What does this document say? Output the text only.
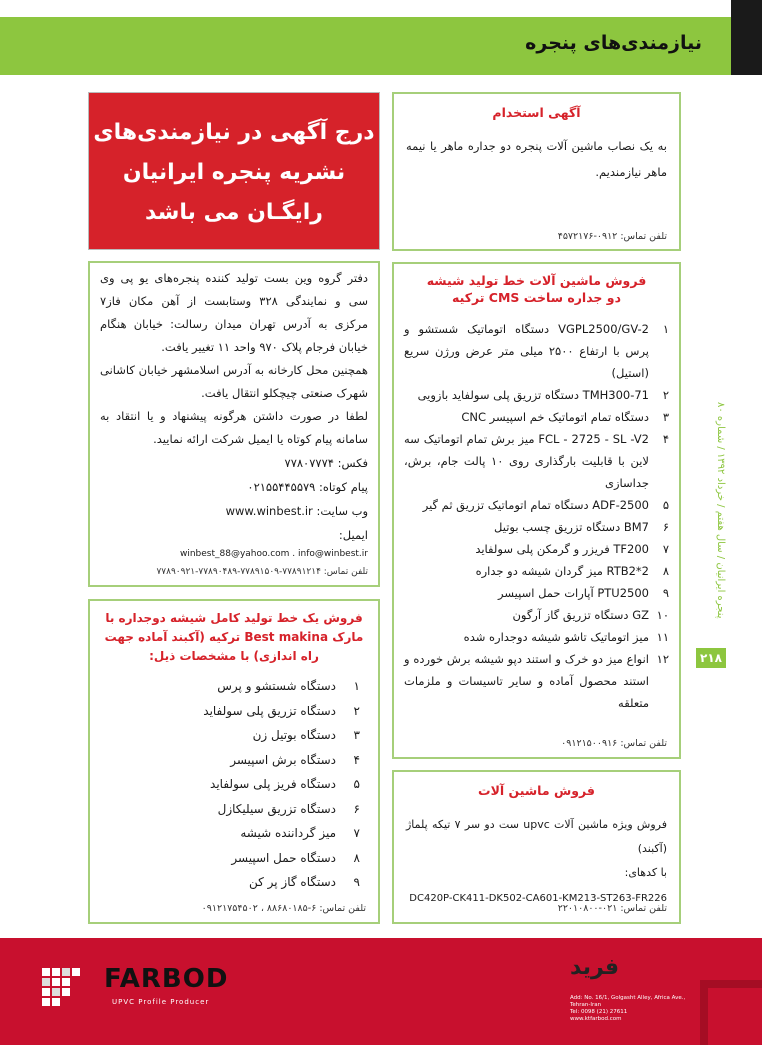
نیازمندی‌های پنجره
پنجره ایرانیان / سال هفتم / خرداد ۱۳۹۲ / شماره ۸۰
۲۱۸
درج آگهی در نیازمندی‌های
نشریه پنجره ایرانیان
رایگـان می باشد
آگهی استخدام
به یک نصاب ماشین آلات پنجره دو جداره ماهر یا نیمه ماهر نیازمندیم.
تلفن تماس: ۰۹۱۲-۴۵۷۲۱۷۶

دفتر گروه وین بست تولید کننده پنجره‌های یو پی وی سی و نمایندگی ۳۲۸ وستابست از آهن مکان فاز۷ مرکزی به آدرس تهران میدان رسالت: خیابان هنگام خیابان فرجام پلاک ۹۷۰ واحد ۱۱ تغییر یافت.

همچنین محل کارخانه به آدرس اسلامشهر خیابان کاشانی شهرک صنعتی چیچکلو انتقال یافت.

لطفا در صورت داشتن هرگونه پیشنهاد و یا انتقاد به سامانه پیام کوتاه یا ایمیل شرکت ارائه نمایید.

فکس: ۷۷۸۰۷۷۷۴
پیام کوتاه: ۰۲۱۵۵۴۴۵۵۷۹
وب سایت: www.winbest.ir
ایمیل:
winbest_88@yahoo.com . info@winbest.ir
تلفن تماس: ۷۷۸۹۱۲۱۴-۷۷۸۹۱۵۰۹-۷۷۸۹۰۴۸۹-۷۷۸۹۰۹۲۱
فروش ماشین آلات خط تولید شیشه
دو جداره ساخت CMS ترکیه
۱
VGPL2500/GV-2 دستگاه اتوماتیک شستشو و پرس با ارتفاع ۲۵۰۰ میلی متر عرض ورژن سریع (استیل)
۲
TMH300-71 دستگاه تزریق پلی سولفاید بازویی
۳
دستگاه تمام اتوماتیک خم اسپیسر CNC
۴
FCL - 2725 - SL -V2 میز برش تمام اتوماتیک سه لاین با قابلیت بارگذاری روی ۱۰ پالت جام، برش، جداسازی
۵
ADF-2500 دستگاه تمام اتوماتیک تزریق ثم گیر
۶
BM7 دستگاه تزریق چسب بوتیل
۷
TF200 فریزر و گرمکن پلی سولفاید
۸
RTB2*2 میز گردان شیشه دو جداره
۹
PTU2500 آپارات حمل اسپیسر
۱۰
GZ دستگاه تزریق گاز آرگون
۱۱
میز اتوماتیک تاشو شیشه دوجداره شده
۱۲
انواع میز دو خرک و استند دپو شیشه برش خورده و استند محصول آماده و سایر تاسیسات و ملزمات متعلقه
تلفن تماس: ۰۹۱۲۱۵۰۰۹۱۶
فروش یک خط تولید کامل شیشه دوجداره با مارک Best makina ترکیه (آکبند آماده جهت راه اندازی) با مشخصات ذیل:
۱
دستگاه شستشو و پرس
۲
دستگاه تزریق پلی سولفاید
۳
دستگاه بوتیل زن
۴
دستگاه برش اسپیسر
۵
دستگاه فریز پلی سولفاید
۶
دستگاه تزریق سیلیکازل
۷
میز گرداننده شیشه
۸
دستگاه حمل اسپیسر
۹
دستگاه گاز پر کن
تلفن تماس: ۶-۸۸۶۸۰۱۸۵ ، ۰۹۱۲۱۷۵۴۵۰۲
فروش ماشین آلات
فروش ویژه ماشین آلات upvc ست دو سر ۷ تیکه پلماژ (آکبند)
با کدهای:
DC420P-CK411-DK502-CA601-KM213-ST263-FR226
تلفن تماس: ۰۲۱-۲۲۰۱۰۸۰۰
FARBOD
UPVC Profile Producer
فرید
Add: No. 16/1, Golgasht Alley, Africa Ave., Tehran-Iran
Tel: 0098 (21) 27611
www.ktfarbod.com
